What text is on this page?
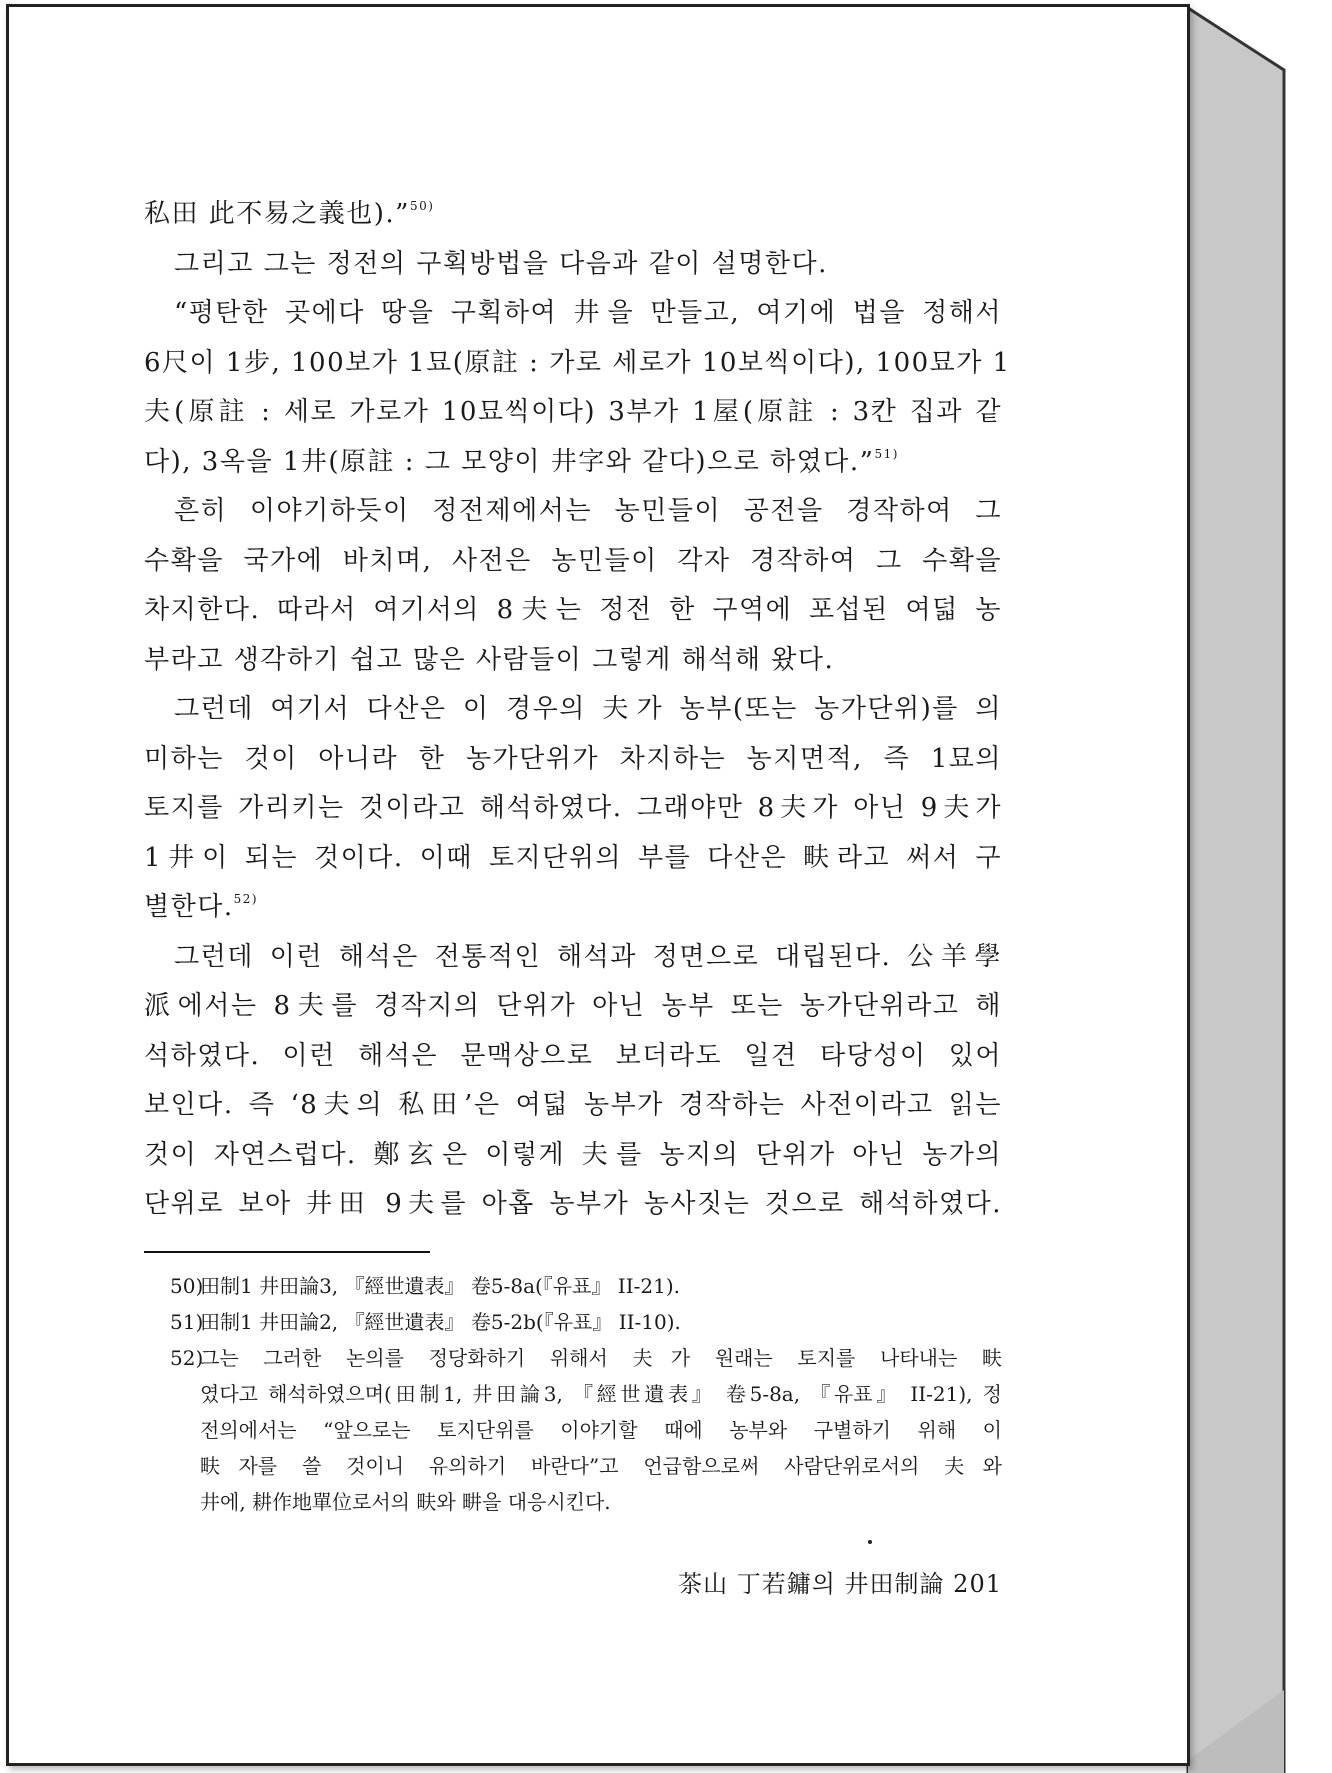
私田 此不易之義也).”$^{50)}$

그리고 그는 정전의 구획방법을 다음과 같이 설명한다.

“평탄한 곳에다 땅을 구획하여 井을 만들고, 여기에 법을 정해서

6尺이 1步, 100보가 1묘(原註 : 가로 세로가 10보씩이다), 100묘가 1

夫(原註 : 세로 가로가 10묘씩이다) 3부가 1屋(原註 : 3칸 집과 같

다), 3옥을 1井(原註 : 그 모양이 井字와 같다)으로 하였다.”$^{51)}$

흔히 이야기하듯이 정전제에서는 농민들이 공전을 경작하여 그

수확을 국가에 바치며, 사전은 농민들이 각자 경작하여 그 수확을

차지한다. 따라서 여기서의 8夫는 정전 한 구역에 포섭된 여덟 농

부라고 생각하기 쉽고 많은 사람들이 그렇게 해석해 왔다.

그런데 여기서 다산은 이 경우의 夫가 농부(또는 농가단위)를 의

미하는 것이 아니라 한 농가단위가 차지하는 농지면적, 즉 1묘의

토지를 가리키는 것이라고 해석하였다. 그래야만 8夫가 아닌 9夫가

1井이 되는 것이다. 이때 토지단위의 부를 다산은 畉라고 써서 구

별한다.$^{52)}$

그런데 이런 해석은 전통적인 해석과 정면으로 대립된다. 公羊學

派에서는 8夫를 경작지의 단위가 아닌 농부 또는 농가단위라고 해

석하였다. 이런 해석은 문맥상으로 보더라도 일견 타당성이 있어

보인다. 즉 ‘8夫의 私田’은 여덟 농부가 경작하는 사전이라고 읽는

것이 자연스럽다. 鄭玄은 이렇게 夫를 농지의 단위가 아닌 농가의

단위로 보아 井田 9夫를 아홉 농부가 농사짓는 것으로 해석하였다.

50)田制1 井田論3, 『經世遺表』 卷5-8a(『유표』 II-21).

51)田制1 井田論2, 『經世遺表』 卷5-2b(『유표』 II-10).

52)그는 그러한 논의를 정당화하기 위해서 夫가 원래는 토지를 나타내는 畉

였다고 해석하였으며(田制1, 井田論3, 『經世遺表』 卷5-8a, 『유표』 II-21), 정

전의에서는 “앞으로는 토지단위를 이야기할 때에 농부와 구별하기 위해 이

畉자를 쓸 것이니 유의하기 바란다”고 언급함으로써 사람단위로서의 夫와

井에, 耕作地單位로서의 畉와 畊을 대응시킨다.

茶山 丁若鏞의 井田制論 201
